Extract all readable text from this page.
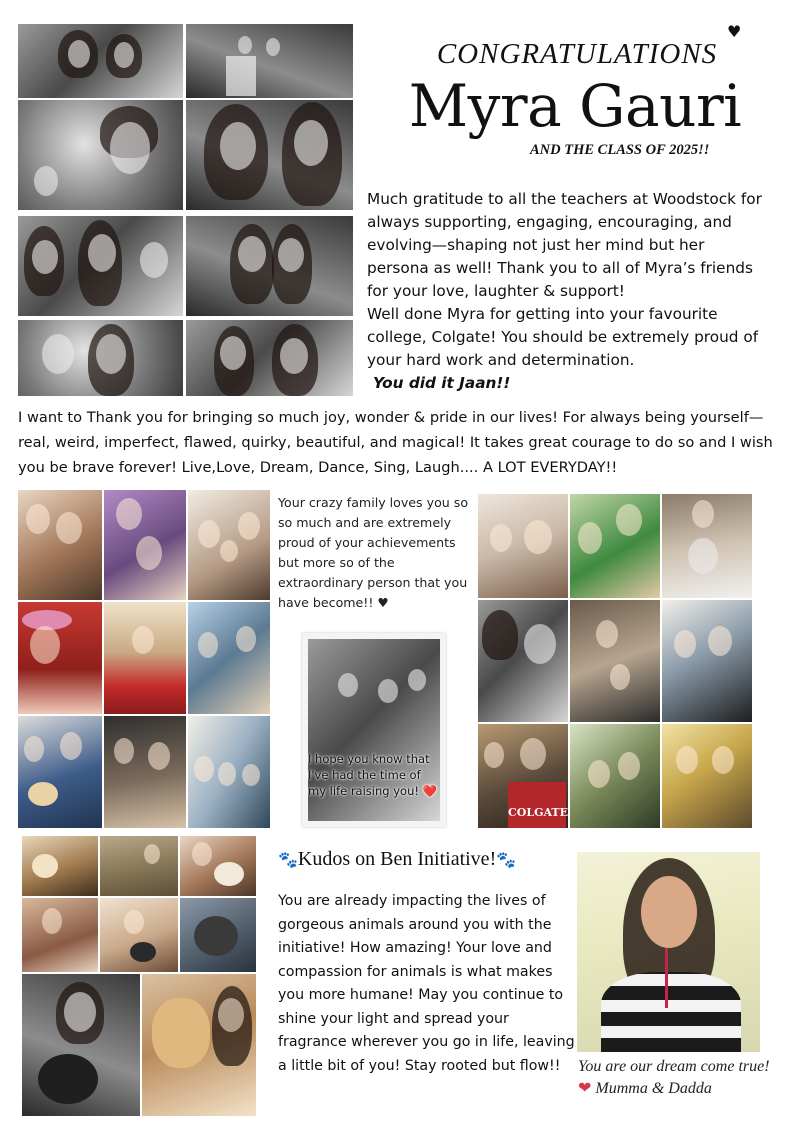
♥
CONGRATULATIONS
Myra Gauri
AND THE CLASS OF 2025!!
Much gratitude to all the teachers at Woodstock for always supporting, engaging, encouraging, and evolving—shaping not just her mind but her persona as well! Thank you to all of Myra’s friends for your love, laughter & support!
Well done Myra for getting into your favourite college, Colgate! You should be extremely proud of your hard work and determination.
You did it Jaan!!
I want to Thank you for bringing so much joy, wonder & pride in our lives! For always being yourself—real, weird, imperfect, flawed, quirky, beautiful, and magical! It takes great courage to do so and I wish you be brave forever! Live,Love, Dream, Dance, Sing, Laugh.... A LOT EVERYDAY!!
Your crazy family loves you so so much and are extremely proud of your achievements but more so of the extraordinary person that you have become!! ♥
I hope you know that I've had the time of my life raising you! ❤️
COLGATE
🐾Kudos on Ben Initiative!🐾
You are already impacting the lives of gorgeous animals around you with the initiative! How amazing! Your love and compassion for animals is what makes you more humane! May you continue to shine your light and spread your fragrance wherever you go in life, leaving a little bit of you! Stay rooted but flow!!	You are our dream come true!
❤ Mumma & Dadda
